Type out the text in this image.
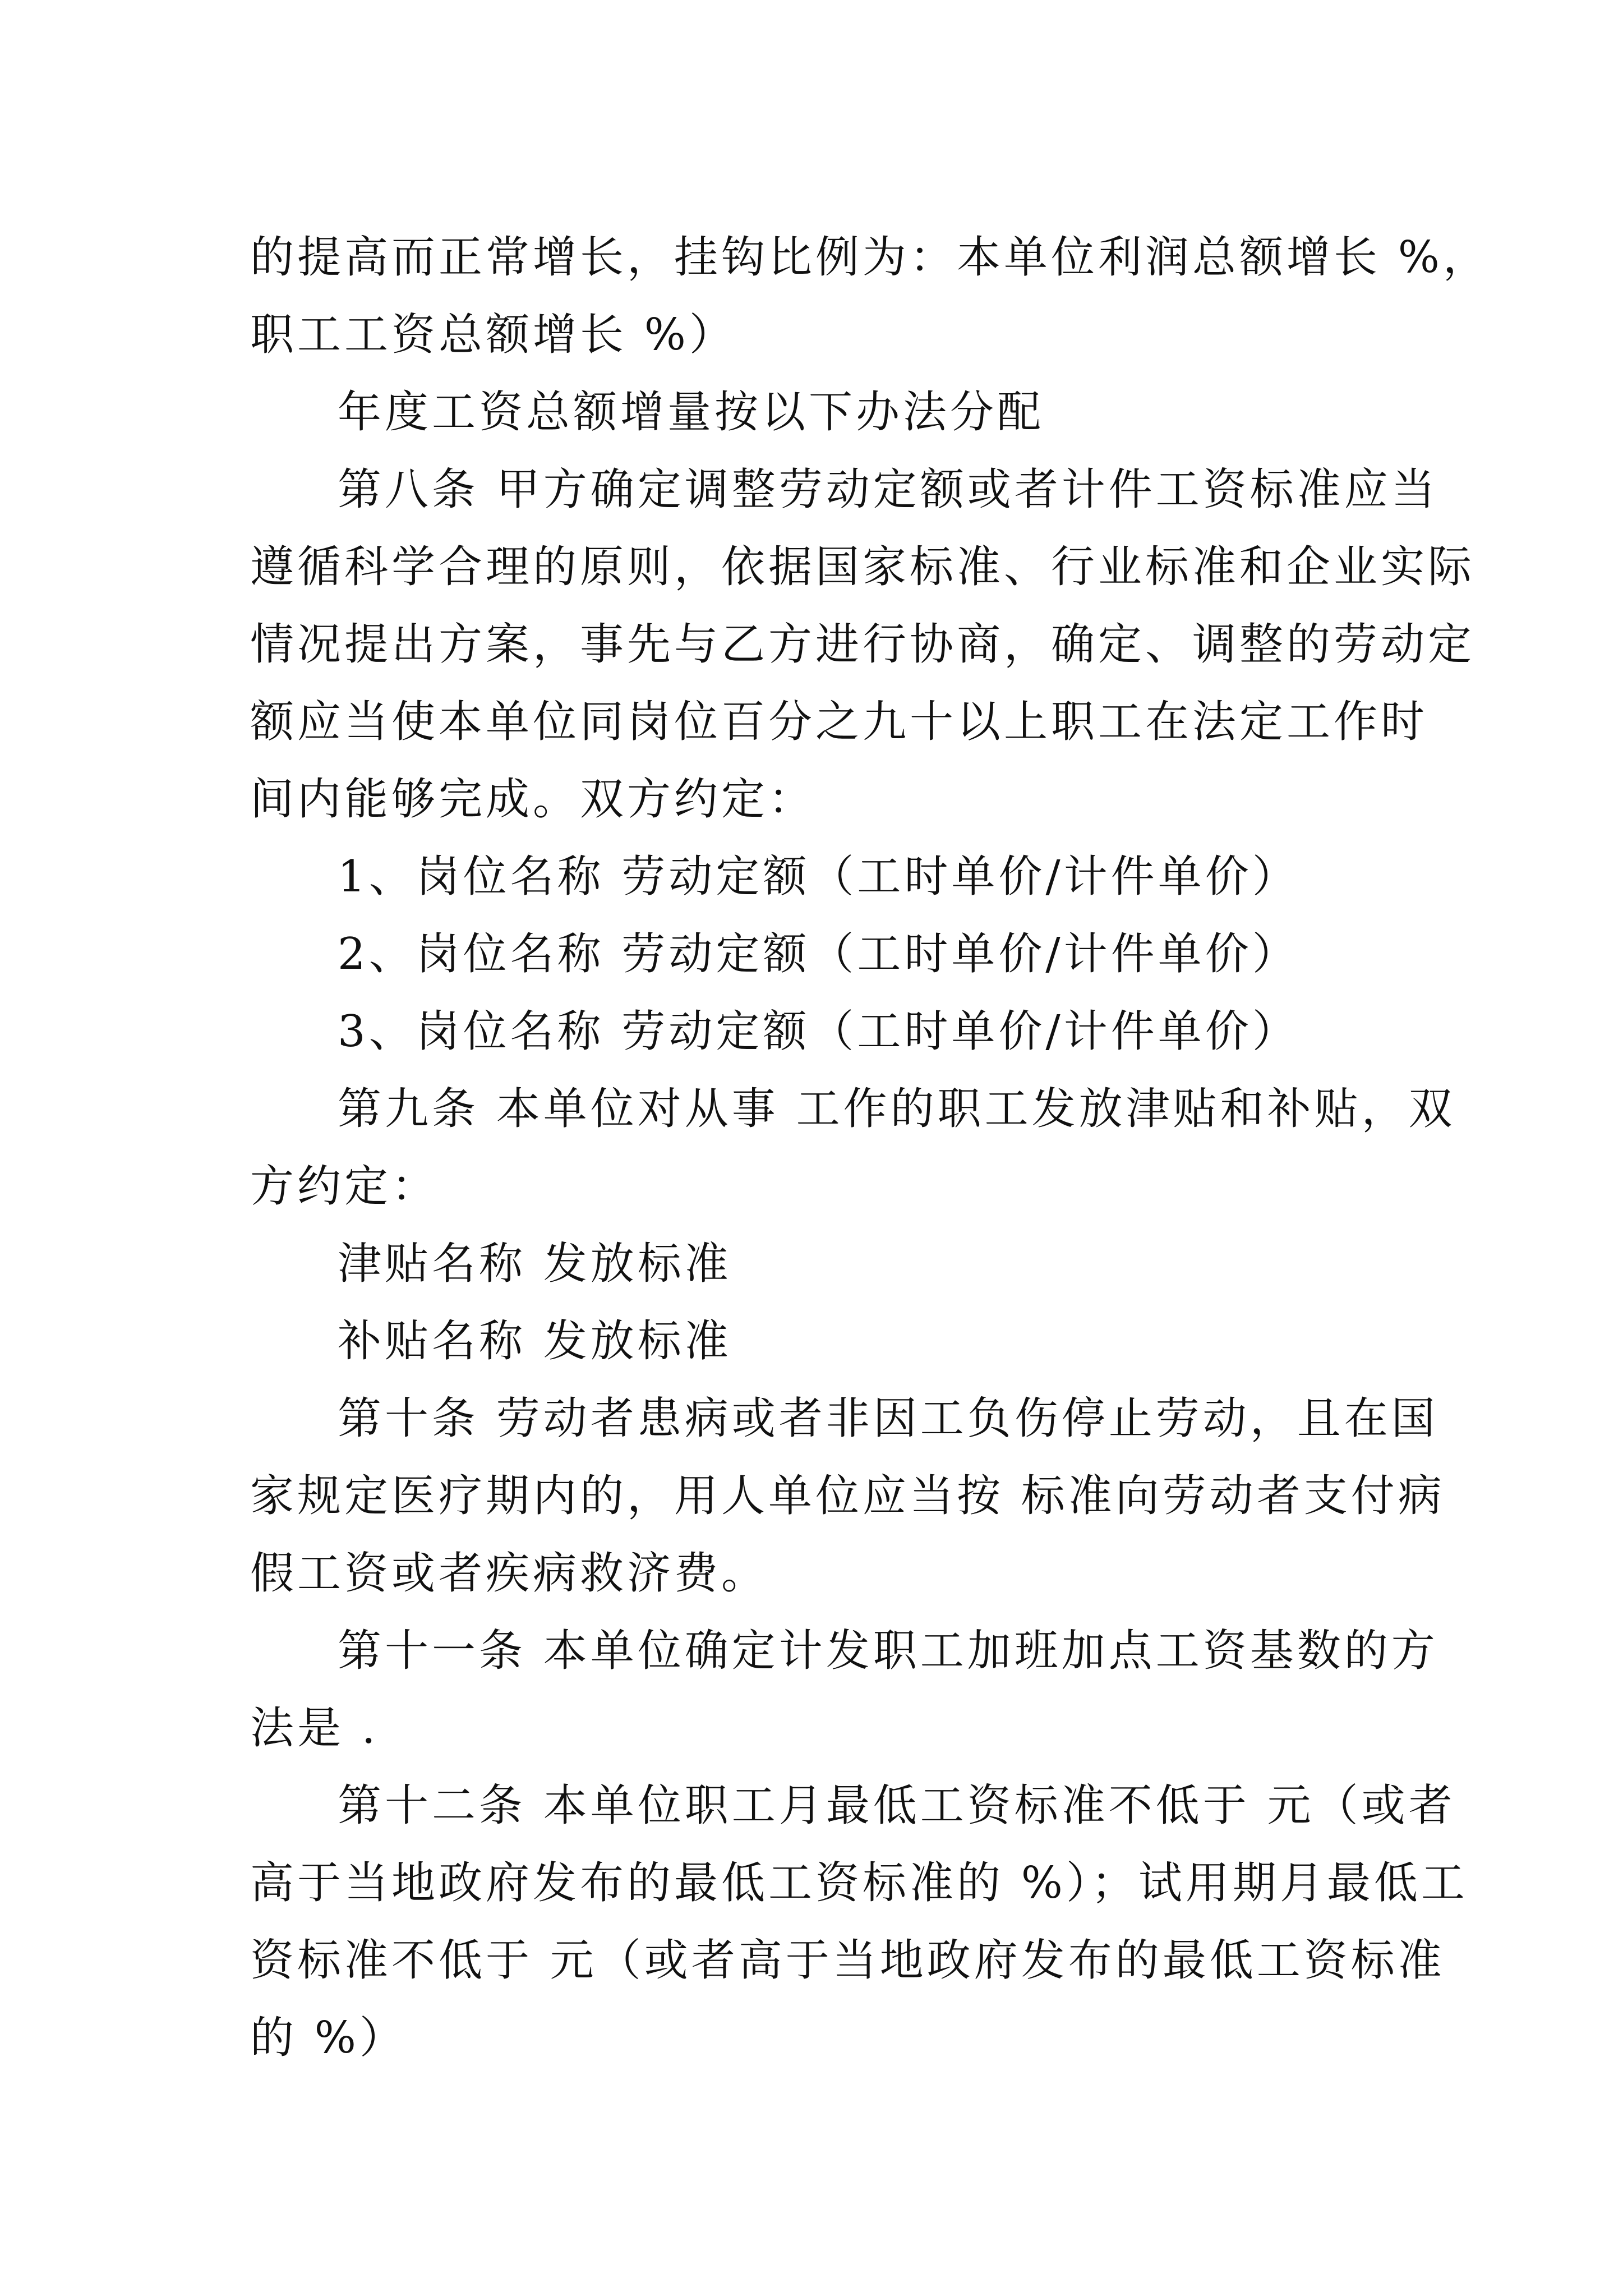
的提高而正常增长，挂钩比例为：本单位利润总额增长 %，
职工工资总额增长 %）
年度工资总额增量按以下办法分配
第八条 甲方确定调整劳动定额或者计件工资标准应当
遵循科学合理的原则，依据国家标准、行业标准和企业实际
情况提出方案，事先与乙方进行协商，确定、调整的劳动定
额应当使本单位同岗位百分之九十以上职工在法定工作时
间内能够完成。双方约定：
1、岗位名称 劳动定额（工时单价/计件单价）
2、岗位名称 劳动定额（工时单价/计件单价）
3、岗位名称 劳动定额（工时单价/计件单价）
第九条 本单位对从事 工作的职工发放津贴和补贴，双
方约定：
津贴名称 发放标准
补贴名称 发放标准
第十条 劳动者患病或者非因工负伤停止劳动，且在国
家规定医疗期内的，用人单位应当按 标准向劳动者支付病
假工资或者疾病救济费。
第十一条 本单位确定计发职工加班加点工资基数的方
法是 .
第十二条 本单位职工月最低工资标准不低于 元（或者
高于当地政府发布的最低工资标准的 %）；试用期月最低工
资标准不低于 元（或者高于当地政府发布的最低工资标准
的 %）
